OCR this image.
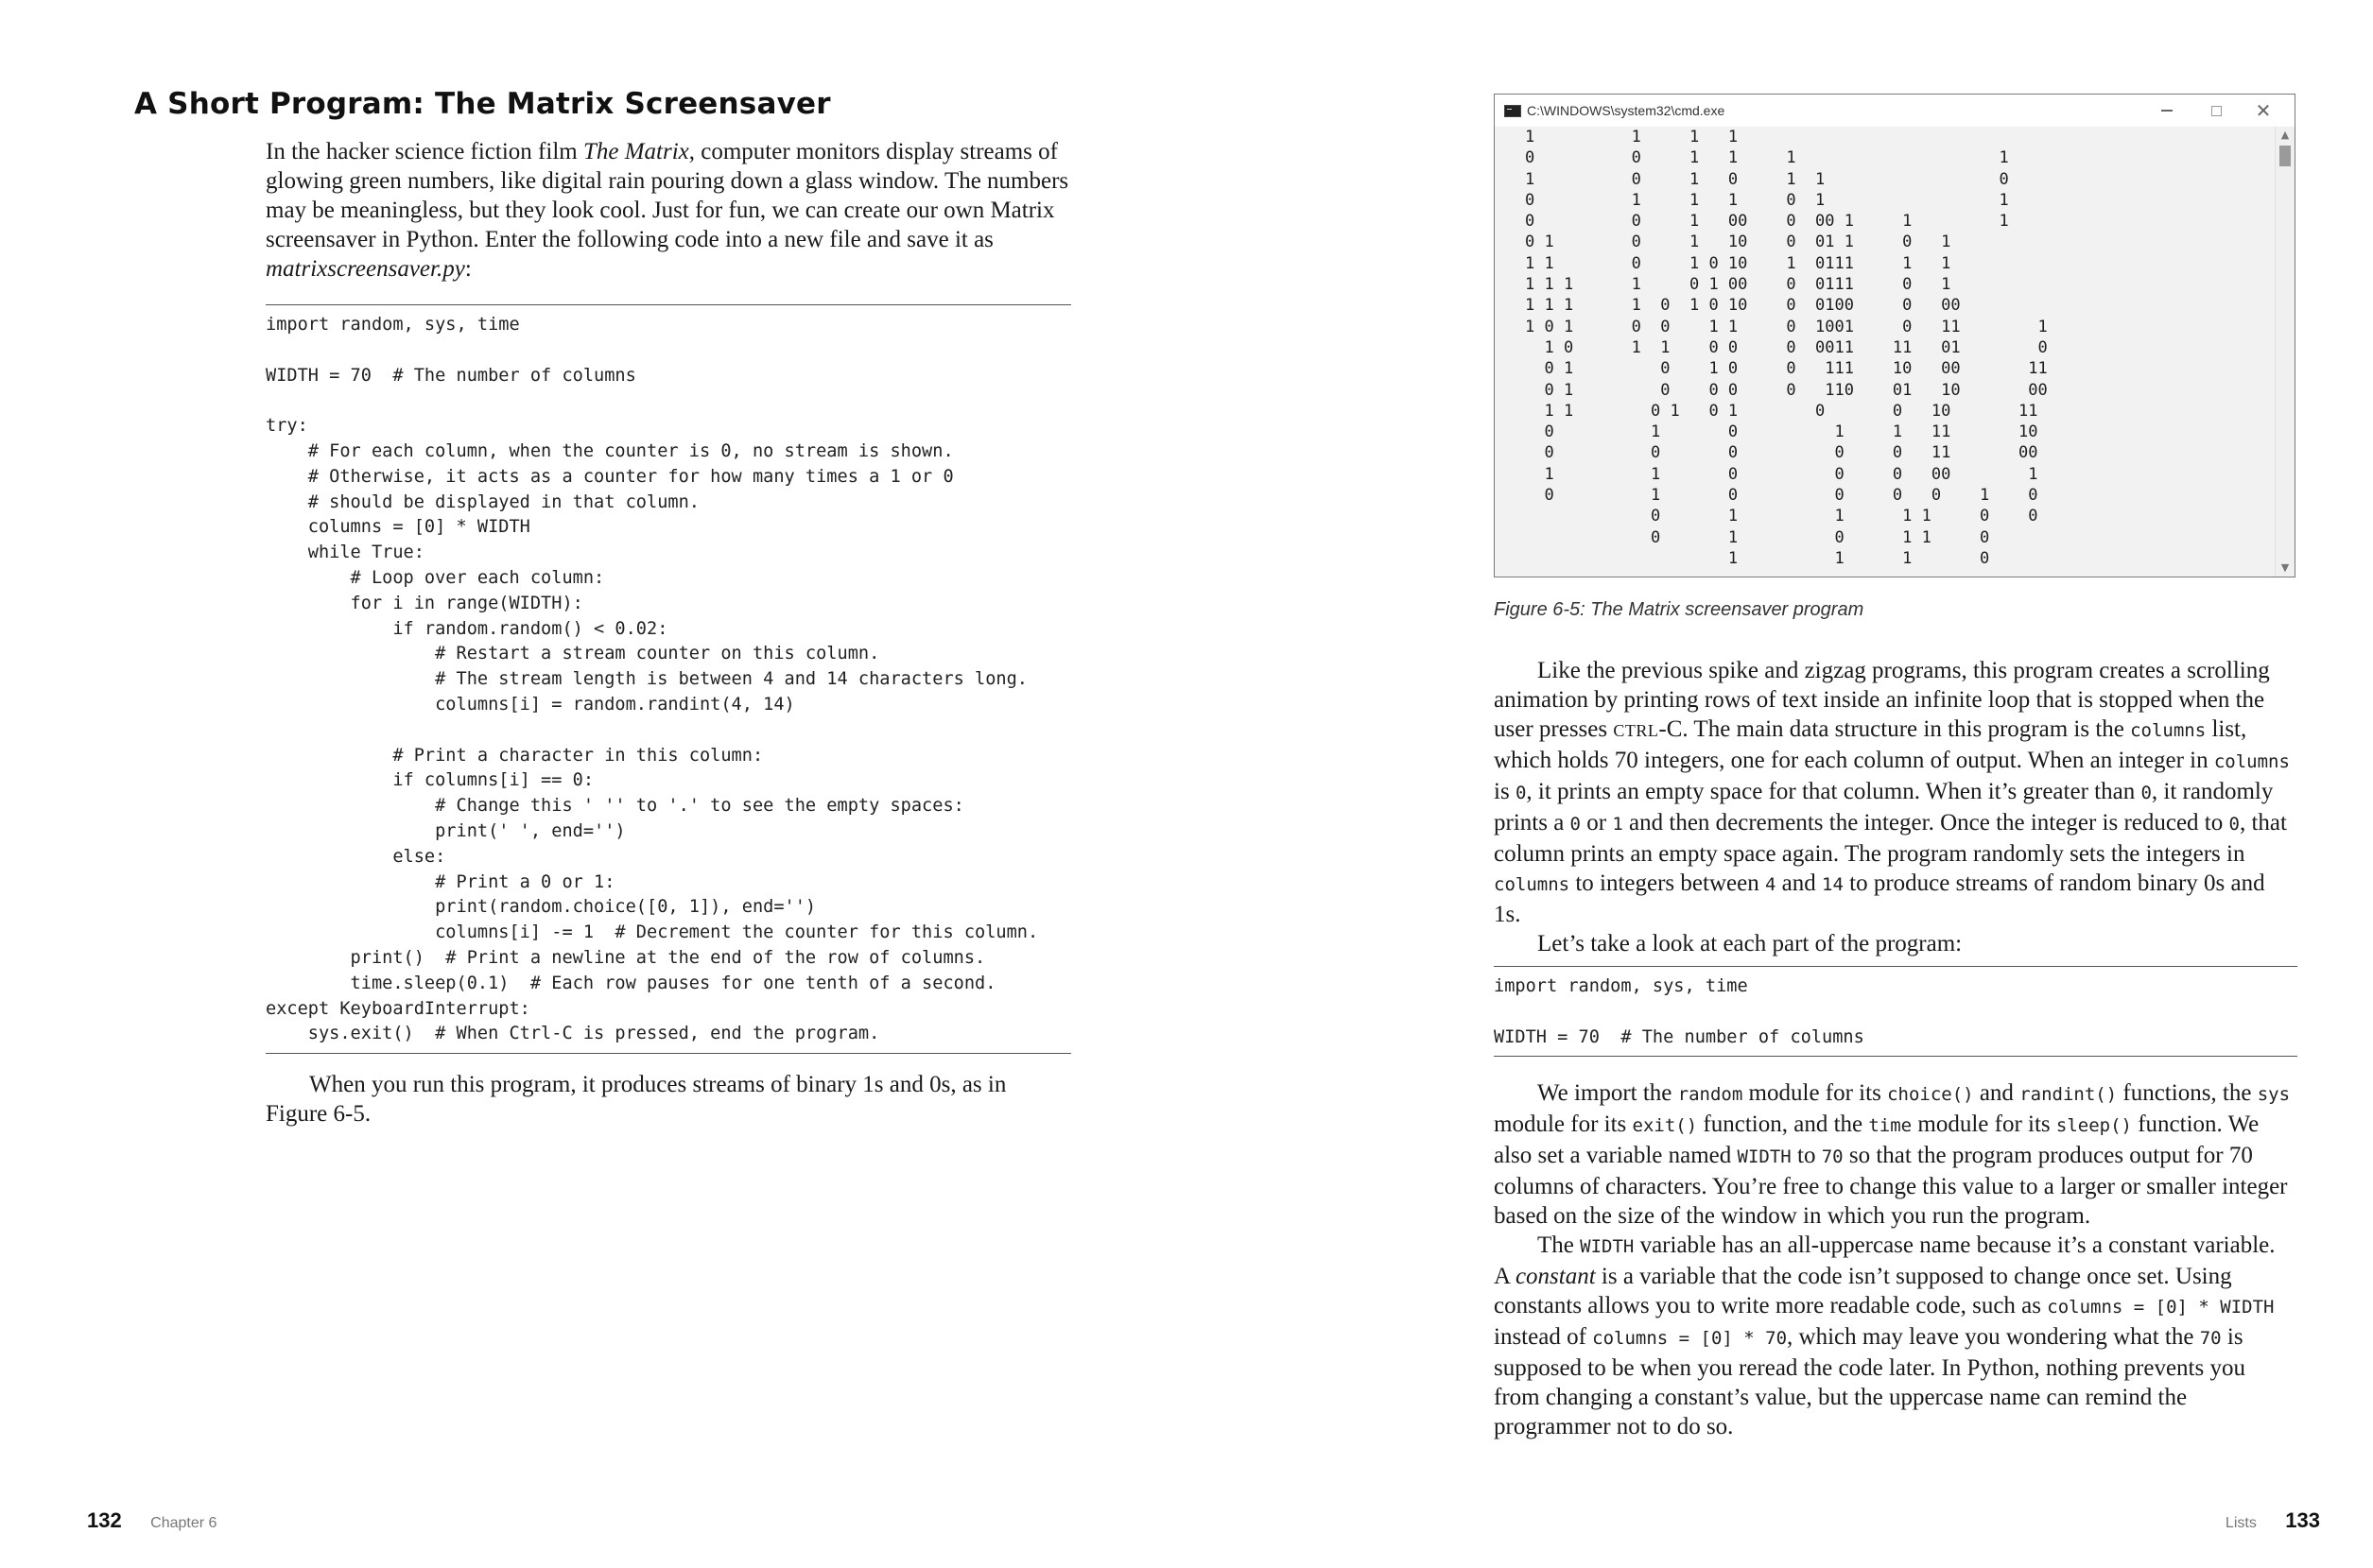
A Short Program: The Matrix Screensaver

In the hacker science fiction film The Matrix, computer monitors display streams of glowing green numbers, like digital rain pouring down a glass window. The numbers may be meaningless, but they look cool. Just for fun, we can create our own Matrix screensaver in Python. Enter the following code into a new file and save it as matrixscreensaver.py:

import random, sys, time

WIDTH = 70  # The number of columns

try:
# For each column, when the counter is 0, no stream is shown.
# Otherwise, it acts as a counter for how many times a 1 or 0
# should be displayed in that column.
columns = [0] * WIDTH
while True:
# Loop over each column:
for i in range(WIDTH):
if random.random() < 0.02:
# Restart a stream counter on this column.
# The stream length is between 4 and 14 characters long.
columns[i] = random.randint(4, 14)

# Print a character in this column:
if columns[i] == 0:
# Change this ' '' to '.' to see the empty spaces:
print(' ', end='')
else:
# Print a 0 or 1:
print(random.choice([0, 1]), end='')
columns[i] -= 1  # Decrement the counter for this column.
print()  # Print a newline at the end of the row of columns.
time.sleep(0.1)  # Each row pauses for one tenth of a second.
except KeyboardInterrupt:
sys.exit()  # When Ctrl-C is pressed, end the program.

When you run this program, it produces streams of binary 1s and 0s, as in Figure 6-5.

132 Chapter 6
C:\WINDOWS\system32\cmd.exe	✕
1          1     1   1
0          0     1   1     1                     1
1          0     1   0     1  1                  0
0          1     1   1     0  1                  1
0          0     1   00    0  00 1     1         1
0 1        0     1   10    0  01 1     0   1
1 1        0     1 0 10    1  0111     1   1
1 1 1      1     0 1 00    0  0111     0   1
1 1 1      1  0  1 0 10    0  0100     0   00
1 0 1      0  0    1 1     0  1001     0   11        1
1 0      1  1    0 0     0  0011    11   01        0
0 1         0    1 0     0   111    10   00       11
0 1         0    0 0     0   110    01   10       00
1 1        0 1   0 1        0       0   10       11
0          1       0          1     1   11       10
0          0       0          0     0   11       00
1          1       0          0     0   00        1
0          1       0          0     0   0    1    0
0       1          1      1 1     0    0
0       1          0      1 1     0
1          1      1       0
▲
▼
Figure 6-5: The Matrix screensaver program

Like the previous spike and zigzag programs, this program creates a scrolling animation by printing rows of text inside an infinite loop that is stopped when the user presses ctrl-C. The main data structure in this program is the columns list, which holds 70 integers, one for each column of output. When an integer in columns is 0, it prints an empty space for that column. When it’s greater than 0, it randomly prints a 0 or 1 and then decrements the integer. Once the integer is reduced to 0, that column prints an empty space again. The program randomly sets the integers in columns to integers between 4 and 14 to produce streams of random binary 0s and 1s.

Let’s take a look at each part of the program:

import random, sys, time

WIDTH = 70  # The number of columns

We import the random module for its choice() and randint() functions, the sys module for its exit() function, and the time module for its sleep() function. We also set a variable named WIDTH to 70 so that the program produces output for 70 columns of characters. You’re free to change this value to a larger or smaller integer based on the size of the window in which you run the program.

The WIDTH variable has an all-uppercase name because it’s a constant variable. A constant is a variable that the code isn’t supposed to change once set. Using constants allows you to write more readable code, such as columns = [0] * WIDTH instead of columns = [0] * 70, which may leave you wondering what the 70 is supposed to be when you reread the code later. In Python, nothing prevents you from changing a constant’s value, but the uppercase name can remind the programmer not to do so.

Lists 133
